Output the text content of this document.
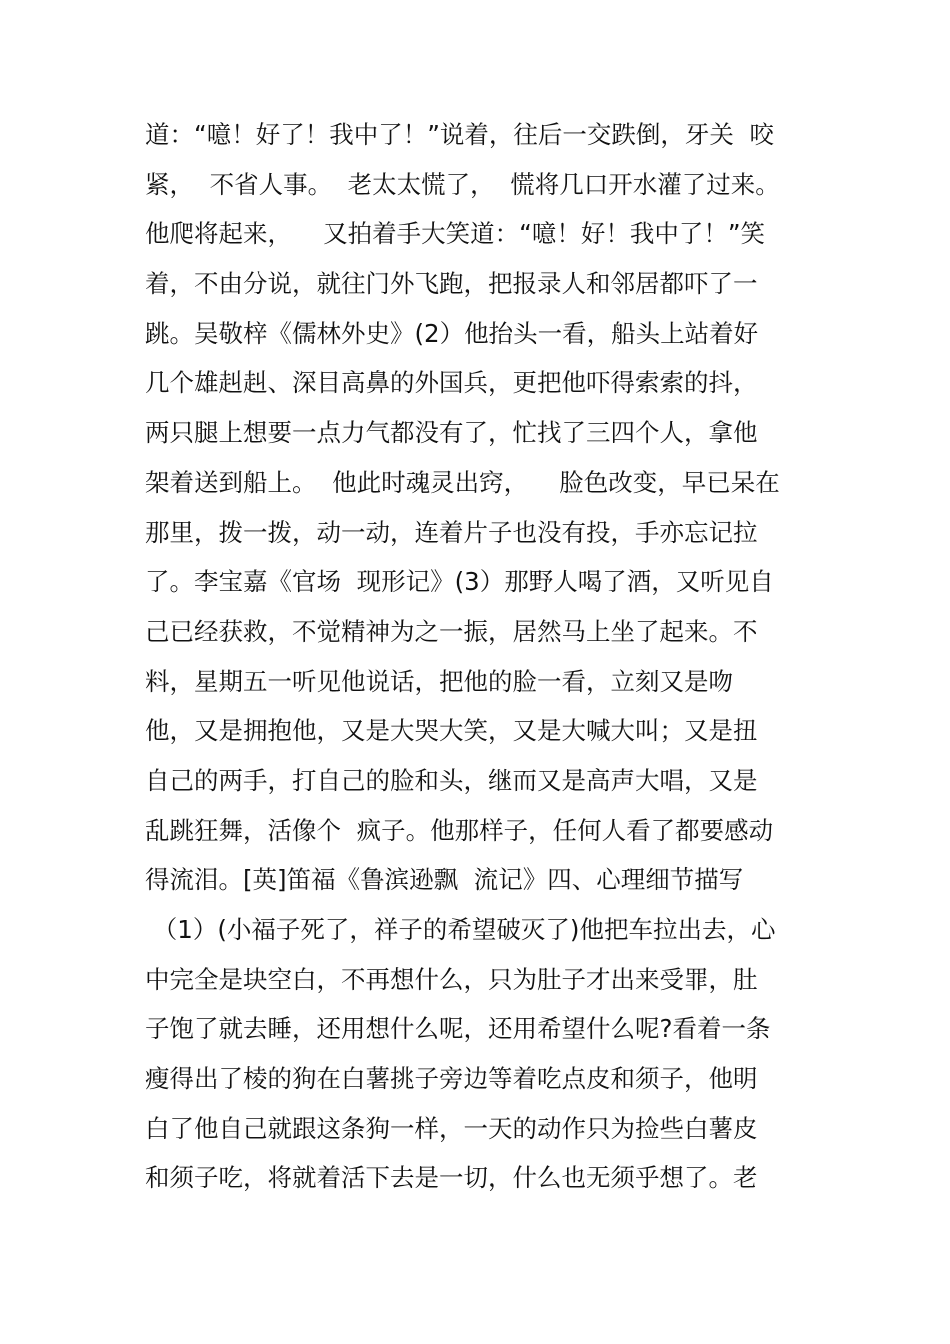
道：“噫！好了！我中了！”说着，往后一交跌倒，牙关  咬
紧，  不省人事。  老太太慌了，  慌将几口开水灌了过来。
他爬将起来，    又拍着手大笑道：“噫！好！我中了！”笑
着，不由分说，就往门外飞跑，把报录人和邻居都吓了一
跳。吴敬梓《儒林外史》(2）他抬头一看，船头上站着好
几个雄赳赳、深目高鼻的外国兵，更把他吓得索索的抖，
两只腿上想要一点力气都没有了，忙找了三四个人，拿他
架着送到船上。  他此时魂灵出窍，    脸色改变，早已呆在
那里，拨一拨，动一动，连着片子也没有投，手亦忘记拉
了。李宝嘉《官场  现形记》(3）那野人喝了酒，又听见自
己已经获救，不觉精神为之一振，居然马上坐了起来。不
料，星期五一听见他说话，把他的脸一看，立刻又是吻
他，又是拥抱他，又是大哭大笑，又是大喊大叫；又是扭
自己的两手，打自己的脸和头，继而又是高声大唱，又是
乱跳狂舞，活像个  疯子。他那样子，任何人看了都要感动
得流泪。[英]笛福《鲁滨逊飘  流记》四、心理细节描写
（1）(小福子死了，祥子的希望破灭了)他把车拉出去，心
中完全是块空白，不再想什么，只为肚子才出来受罪，肚
子饱了就去睡，还用想什么呢，还用希望什么呢?看着一条
瘦得出了棱的狗在白薯挑子旁边等着吃点皮和须子，他明
白了他自己就跟这条狗一样，一天的动作只为捡些白薯皮
和须子吃，将就着活下去是一切，什么也无须乎想了。老
